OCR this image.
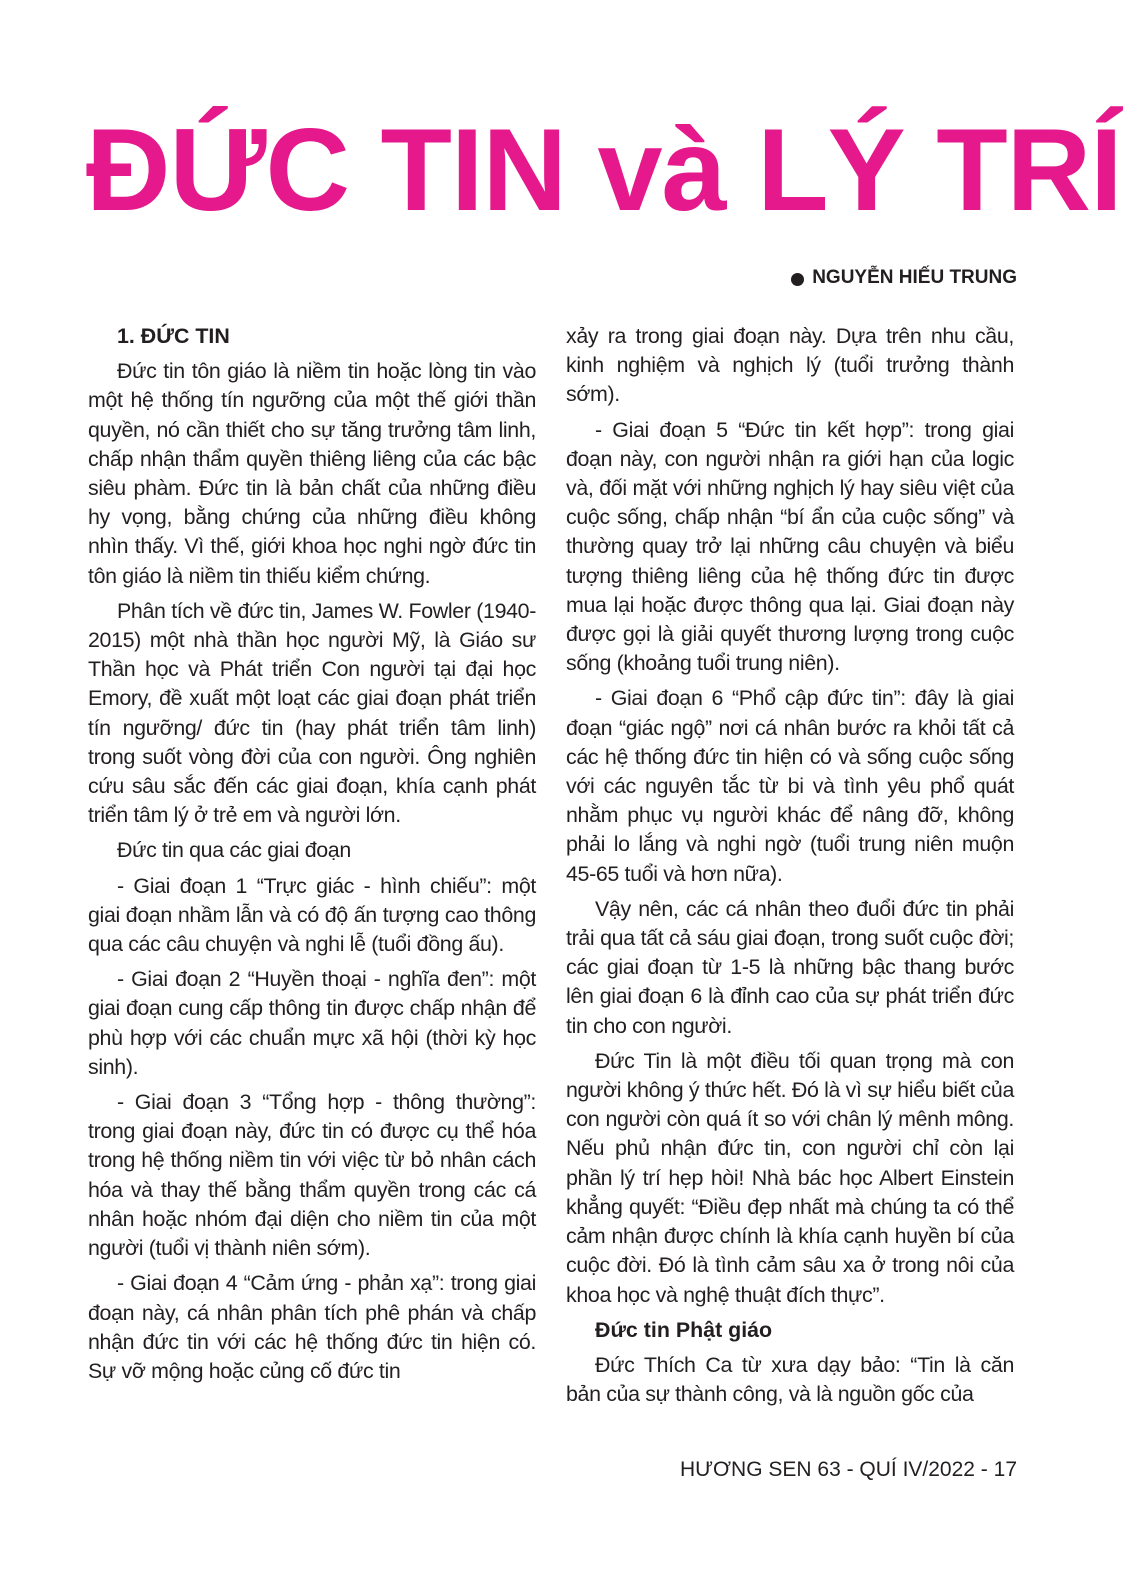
ĐỨC TIN và LÝ TRÍ
NGUYỄN HIẾU TRUNG
1. ĐỨC TIN

Đức tin tôn giáo là niềm tin hoặc lòng tin vào một hệ thống tín ngưỡng của một thế giới thần quyền, nó cần thiết cho sự tăng trưởng tâm linh, chấp nhận thẩm quyền thiêng liêng của các bậc siêu phàm. Đức tin là bản chất của những điều hy vọng, bằng chứng của những điều không nhìn thấy. Vì thế, giới khoa học nghi ngờ đức tin tôn giáo là niềm tin thiếu kiểm chứng.

Phân tích về đức tin, James W. Fowler (1940-2015) một nhà thần học người Mỹ, là Giáo sư Thần học và Phát triển Con người tại đại học Emory, đề xuất một loạt các giai đoạn phát triển tín ngưỡng/ đức tin (hay phát triển tâm linh) trong suốt vòng đời của con người. Ông nghiên cứu sâu sắc đến các giai đoạn, khía cạnh phát triển tâm lý ở trẻ em và người lớn.

Đức tin qua các giai đoạn

- Giai đoạn 1 “Trực giác - hình chiếu”: một giai đoạn nhầm lẫn và có độ ấn tượng cao thông qua các câu chuyện và nghi lễ (tuổi đồng ấu).

- Giai đoạn 2 “Huyền thoại - nghĩa đen”: một giai đoạn cung cấp thông tin được chấp nhận để phù hợp với các chuẩn mực xã hội (thời kỳ học sinh).

- Giai đoạn 3 “Tổng hợp - thông thường”: trong giai đoạn này, đức tin có được cụ thể hóa trong hệ thống niềm tin với việc từ bỏ nhân cách hóa và thay thế bằng thẩm quyền trong các cá nhân hoặc nhóm đại diện cho niềm tin của một người (tuổi vị thành niên sớm).

- Giai đoạn 4 “Cảm ứng - phản xạ”: trong giai đoạn này, cá nhân phân tích phê phán và chấp nhận đức tin với các hệ thống đức tin hiện có. Sự vỡ mộng hoặc củng cố đức tin

xảy ra trong giai đoạn này. Dựa trên nhu cầu, kinh nghiệm và nghịch lý (tuổi trưởng thành sớm).

- Giai đoạn 5 “Đức tin kết hợp”: trong giai đoạn này, con người nhận ra giới hạn của logic và, đối mặt với những nghịch lý hay siêu việt của cuộc sống, chấp nhận “bí ẩn của cuộc sống” và thường quay trở lại những câu chuyện và biểu tượng thiêng liêng của hệ thống đức tin được mua lại hoặc được thông qua lại. Giai đoạn này được gọi là giải quyết thương lượng trong cuộc sống (khoảng tuổi trung niên).

- Giai đoạn 6 “Phổ cập đức tin”: đây là giai đoạn “giác ngộ” nơi cá nhân bước ra khỏi tất cả các hệ thống đức tin hiện có và sống cuộc sống với các nguyên tắc từ bi và tình yêu phổ quát nhằm phục vụ người khác để nâng đỡ, không phải lo lắng và nghi ngờ (tuổi trung niên muộn 45-65 tuổi và hơn nữa).

Vậy nên, các cá nhân theo đuổi đức tin phải trải qua tất cả sáu giai đoạn, trong suốt cuộc đời; các giai đoạn từ 1-5 là những bậc thang bước lên giai đoạn 6 là đỉnh cao của sự phát triển đức tin cho con người.

Đức Tin là một điều tối quan trọng mà con người không ý thức hết. Đó là vì sự hiểu biết của con người còn quá ít so với chân lý mênh mông. Nếu phủ nhận đức tin, con người chỉ còn lại phần lý trí hẹp hòi! Nhà bác học Albert Einstein khẳng quyết: “Điều đẹp nhất mà chúng ta có thể cảm nhận được chính là khía cạnh huyền bí của cuộc đời. Đó là tình cảm sâu xa ở trong nôi của khoa học và nghệ thuật đích thực”.

Đức tin Phật giáo

Đức Thích Ca từ xưa dạy bảo: “Tin là căn bản của sự thành công, và là nguồn gốc của

HƯƠNG SEN 63 - QUÍ IV/2022 - 17
